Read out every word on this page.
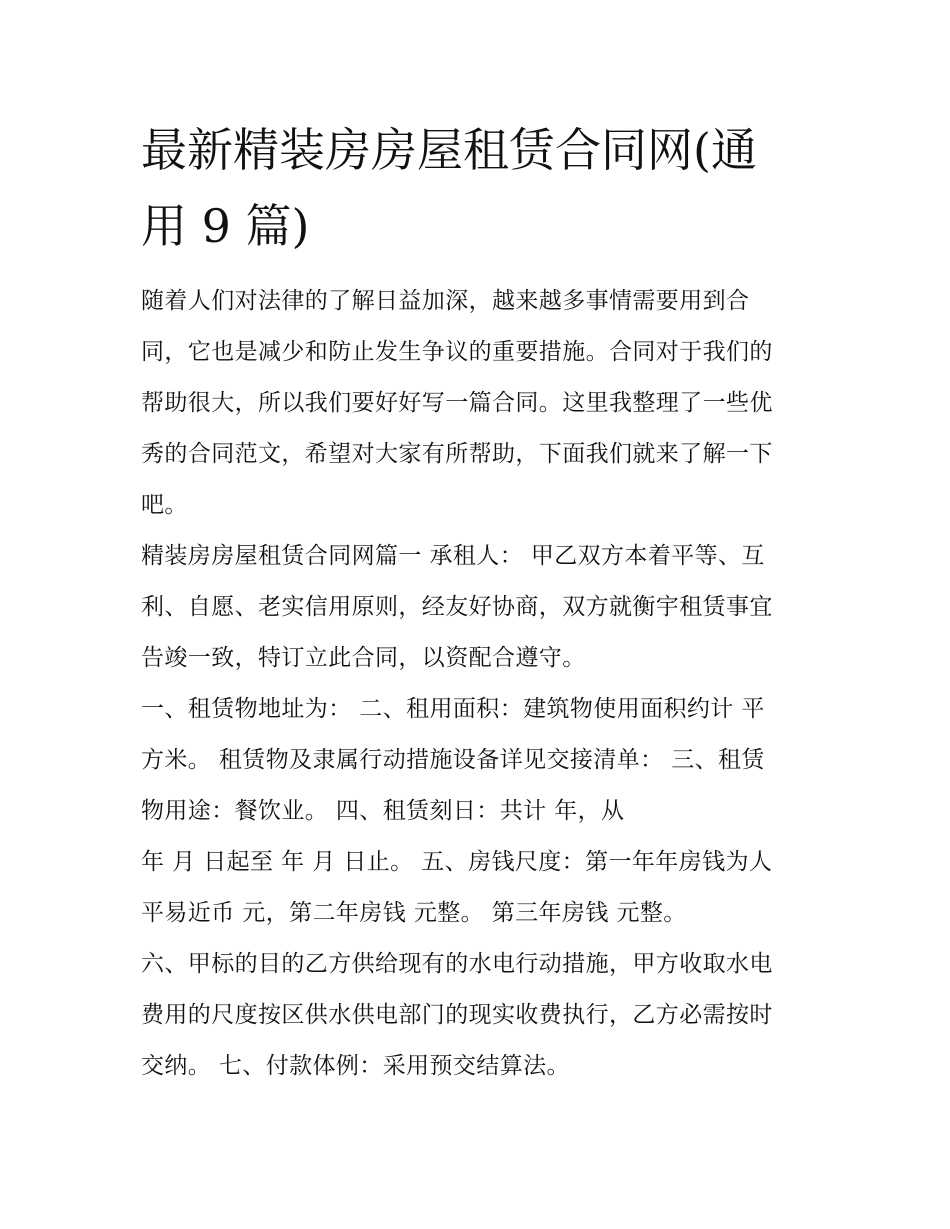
最新精装房房屋租赁合同网(通
用 9 篇)
随着人们对法律的了解日益加深，越来越多事情需要用到合
同，它也是减少和防止发生争议的重要措施。合同对于我们的
帮助很大，所以我们要好好写一篇合同。这里我整理了一些优
秀的合同范文，希望对大家有所帮助，下面我们就来了解一下
吧。
精装房房屋租赁合同网篇一 承租人： 甲乙双方本着平等、互
利、自愿、老实信用原则，经友好协商，双方就衡宇租赁事宜
告竣一致，特订立此合同，以资配合遵守。
一、租赁物地址为： 二、租用面积：建筑物使用面积约计 平
方米。 租赁物及隶属行动措施设备详见交接清单： 三、租赁
物用途：餐饮业。 四、租赁刻日：共计 年，从
年 月 日起至 年 月 日止。 五、房钱尺度：第一年年房钱为人
平易近币 元，第二年房钱 元整。 第三年房钱 元整。
六、甲标的目的乙方供给现有的水电行动措施，甲方收取水电
费用的尺度按区供水供电部门的现实收费执行，乙方必需按时
交纳。 七、付款体例：采用预交结算法。
